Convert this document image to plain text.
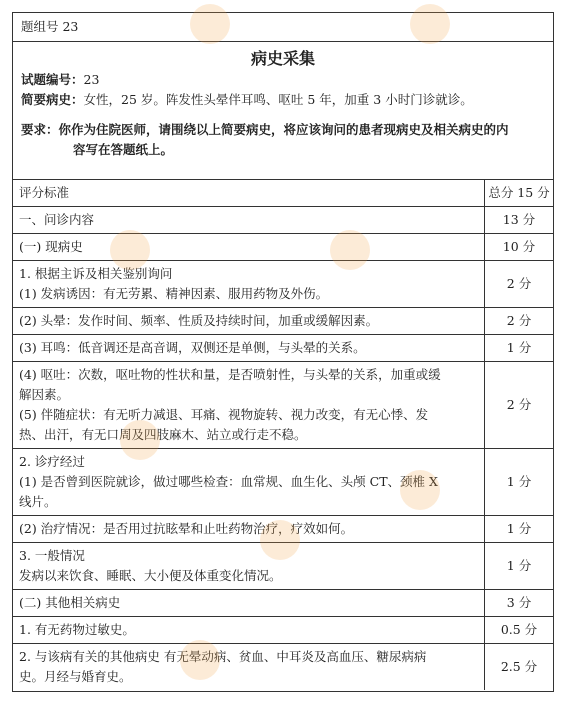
题组号 23
病史采集
试题编号：23
简要病史：女性，25 岁。阵发性头晕伴耳鸣、呕吐 5 年，加重 3 小时门诊就诊。
要求：你作为住院医师，请围绕以上简要病史，将应该询问的患者现病史及相关病史的内
容写在答题纸上。
评分标准	总分 15 分

一、问诊内容	13 分

(一) 现病史	10 分

1. 根据主诉及相关鉴别询问
(1) 发病诱因：有无劳累、精神因素、服用药物及外伤。	2 分

(2) 头晕：发作时间、频率、性质及持续时间，加重或缓解因素。	2 分

(3) 耳鸣：低音调还是高音调，双侧还是单侧，与头晕的关系。	1 分

(4) 呕吐：次数，呕吐物的性状和量，是否喷射性，与头晕的关系，加重或缓
解因素。
(5) 伴随症状：有无听力减退、耳痛、视物旋转、视力改变，有无心悸、发
热、出汗，有无口周及四肢麻木、站立或行走不稳。	2 分

2. 诊疗经过
(1) 是否曾到医院就诊，做过哪些检查：血常规、血生化、头颅 CT、颈椎 X
线片。	1 分

(2) 治疗情况：是否用过抗眩晕和止吐药物治疗，疗效如何。	1 分

3. 一般情况
发病以来饮食、睡眠、大小便及体重变化情况。	1 分

(二) 其他相关病史	3 分

1. 有无药物过敏史。	0.5 分

2. 与该病有关的其他病史 有无晕动病、贫血、中耳炎及高血压、糖尿病病
史。月经与婚育史。	2.5 分
